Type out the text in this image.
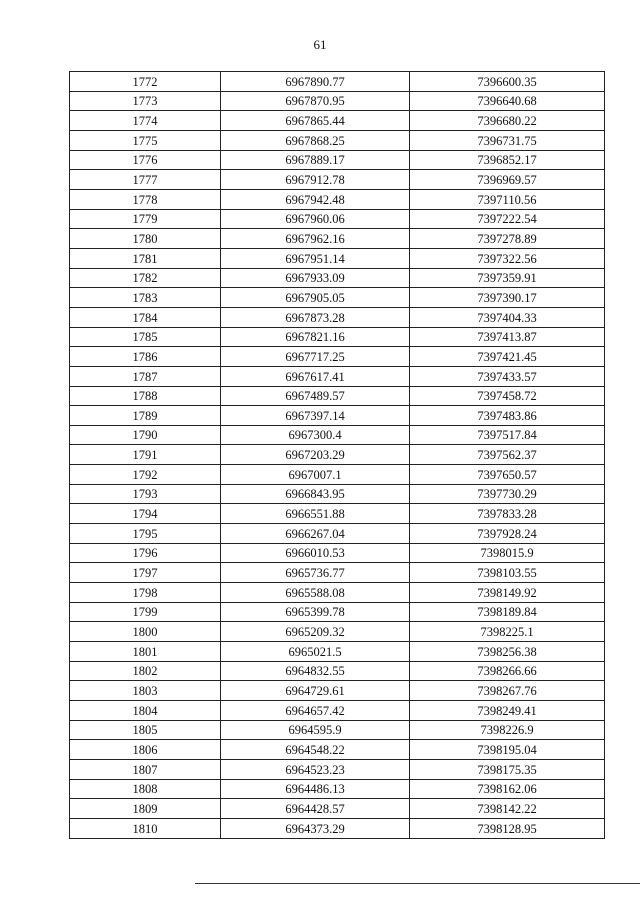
61
1772	6967890.77	7396600.35
1773	6967870.95	7396640.68
1774	6967865.44	7396680.22
1775	6967868.25	7396731.75
1776	6967889.17	7396852.17
1777	6967912.78	7396969.57
1778	6967942.48	7397110.56
1779	6967960.06	7397222.54
1780	6967962.16	7397278.89
1781	6967951.14	7397322.56
1782	6967933.09	7397359.91
1783	6967905.05	7397390.17
1784	6967873.28	7397404.33
1785	6967821.16	7397413.87
1786	6967717.25	7397421.45
1787	6967617.41	7397433.57
1788	6967489.57	7397458.72
1789	6967397.14	7397483.86
1790	6967300.4	7397517.84
1791	6967203.29	7397562.37
1792	6967007.1	7397650.57
1793	6966843.95	7397730.29
1794	6966551.88	7397833.28
1795	6966267.04	7397928.24
1796	6966010.53	7398015.9
1797	6965736.77	7398103.55
1798	6965588.08	7398149.92
1799	6965399.78	7398189.84
1800	6965209.32	7398225.1
1801	6965021.5	7398256.38
1802	6964832.55	7398266.66
1803	6964729.61	7398267.76
1804	6964657.42	7398249.41
1805	6964595.9	7398226.9
1806	6964548.22	7398195.04
1807	6964523.23	7398175.35
1808	6964486.13	7398162.06
1809	6964428.57	7398142.22
1810	6964373.29	7398128.95
